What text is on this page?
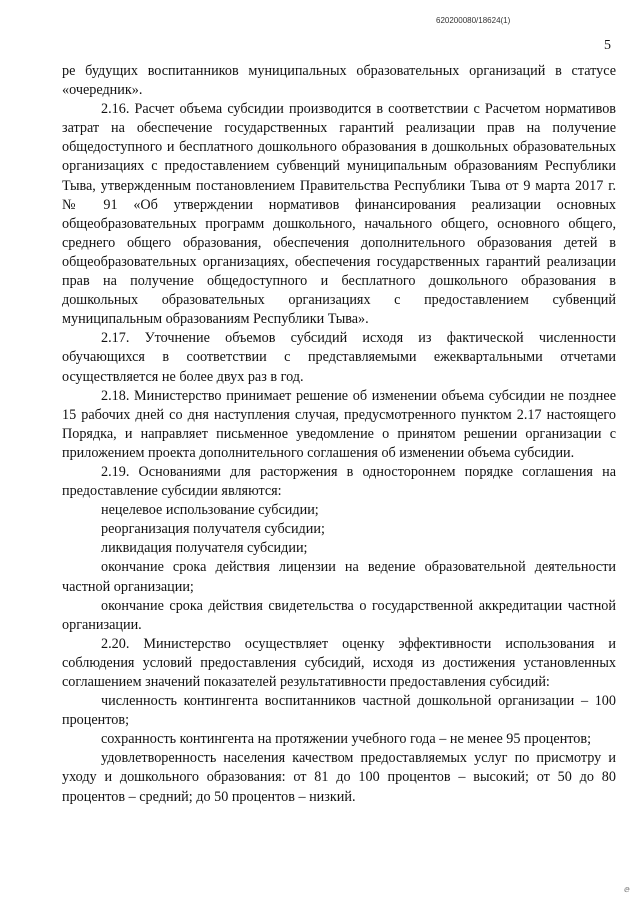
620200080/18624(1)
5

ре будущих воспитанников муниципальных образовательных организаций в статусе «очередник».

2.16. Расчет объема субсидии производится в соответствии с Расчетом нормативов затрат на обеспечение государственных гарантий реализации прав на получение общедоступного и бесплатного дошкольного образования в дошкольных образовательных организациях с предоставлением субвенций муниципальным образованиям Республики Тыва, утвержденным постановлением Правительства Республики Тыва от 9 марта 2017 г. № 91 «Об утверждении нормативов финансирования реализации основных общеобразовательных программ дошкольного, начального общего, основного общего, среднего общего образования, обеспечения дополнительного образования детей в общеобразовательных организациях, обеспечения государственных гарантий реализации прав на получение общедоступного и бесплатного дошкольного образования в дошкольных образовательных организациях с предоставлением субвенций муниципальным образованиям Республики Тыва».

2.17. Уточнение объемов субсидий исходя из фактической численности обучающихся в соответствии с представляемыми ежеквартальными отчетами осуществляется не более двух раз в год.

2.18. Министерство принимает решение об изменении объема субсидии не позднее 15 рабочих дней со дня наступления случая, предусмотренного пунктом 2.17 настоящего Порядка, и направляет письменное уведомление о принятом решении организации с приложением проекта дополнительного соглашения об изменении объема субсидии.

2.19. Основаниями для расторжения в одностороннем порядке соглашения на предоставление субсидии являются:

нецелевое использование субсидии;

реорганизация получателя субсидии;

ликвидация получателя субсидии;

окончание срока действия лицензии на ведение образовательной деятельности частной организации;

окончание срока действия свидетельства о государственной аккредитации частной организации.

2.20. Министерство осуществляет оценку эффективности использования и соблюдения условий предоставления субсидий, исходя из достижения установленных соглашением значений показателей результативности предоставления субсидий:

численность контингента воспитанников частной дошкольной организации – 100 процентов;

сохранность контингента на протяжении учебного года – не менее 95 процентов;

удовлетворенность населения качеством предоставляемых услуг по присмотру и уходу и дошкольного образования: от 81 до 100 процентов – высокий; от 50 до 80 процентов – средний; до 50 процентов – низкий.

ⅇ
